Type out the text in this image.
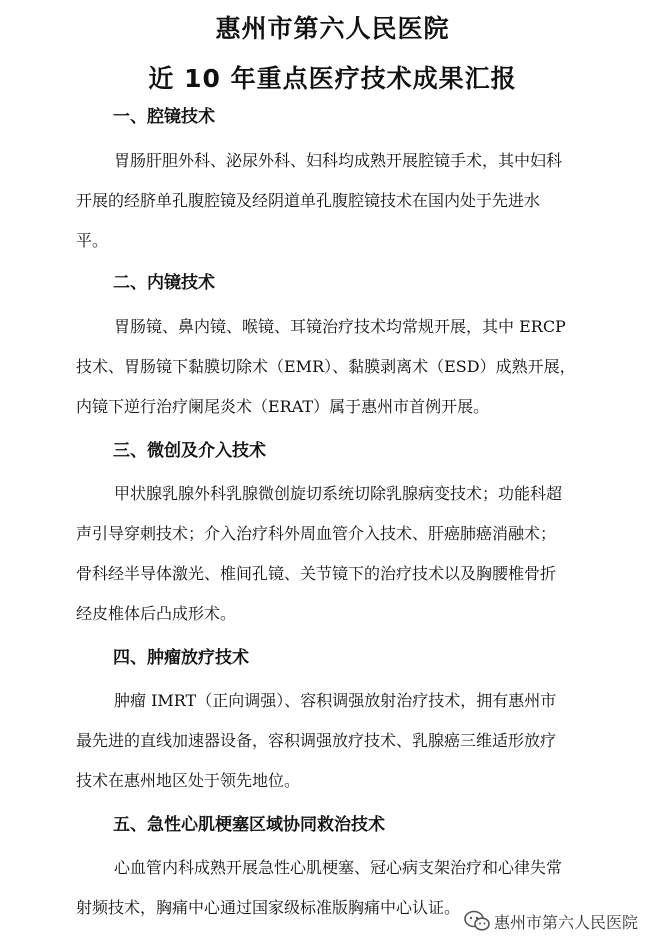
惠州市第六人民医院
近 10 年重点医疗技术成果汇报
一、腔镜技术
胃肠肝胆外科、泌尿外科、妇科均成熟开展腔镜手术，其中妇科
开展的经脐单孔腹腔镜及经阴道单孔腹腔镜技术在国内处于先进水
平。
二、内镜技术
胃肠镜、鼻内镜、喉镜、耳镜治疗技术均常规开展，其中 ERCP
技术、胃肠镜下黏膜切除术（EMR）、黏膜剥离术（ESD）成熟开展，
内镜下逆行治疗阑尾炎术（ERAT）属于惠州市首例开展。
三、微创及介入技术
甲状腺乳腺外科乳腺微创旋切系统切除乳腺病变技术；功能科超
声引导穿刺技术；介入治疗科外周血管介入技术、肝癌肺癌消融术；
骨科经半导体激光、椎间孔镜、关节镜下的治疗技术以及胸腰椎骨折
经皮椎体后凸成形术。
四、肿瘤放疗技术
肿瘤 IMRT（正向调强）、容积调强放射治疗技术，拥有惠州市
最先进的直线加速器设备，容积调强放疗技术、乳腺癌三维适形放疗
技术在惠州地区处于领先地位。
五、急性心肌梗塞区域协同救治技术
心血管内科成熟开展急性心肌梗塞、冠心病支架治疗和心律失常
射频技术，胸痛中心通过国家级标准版胸痛中心认证。
惠州市第六人民医院
